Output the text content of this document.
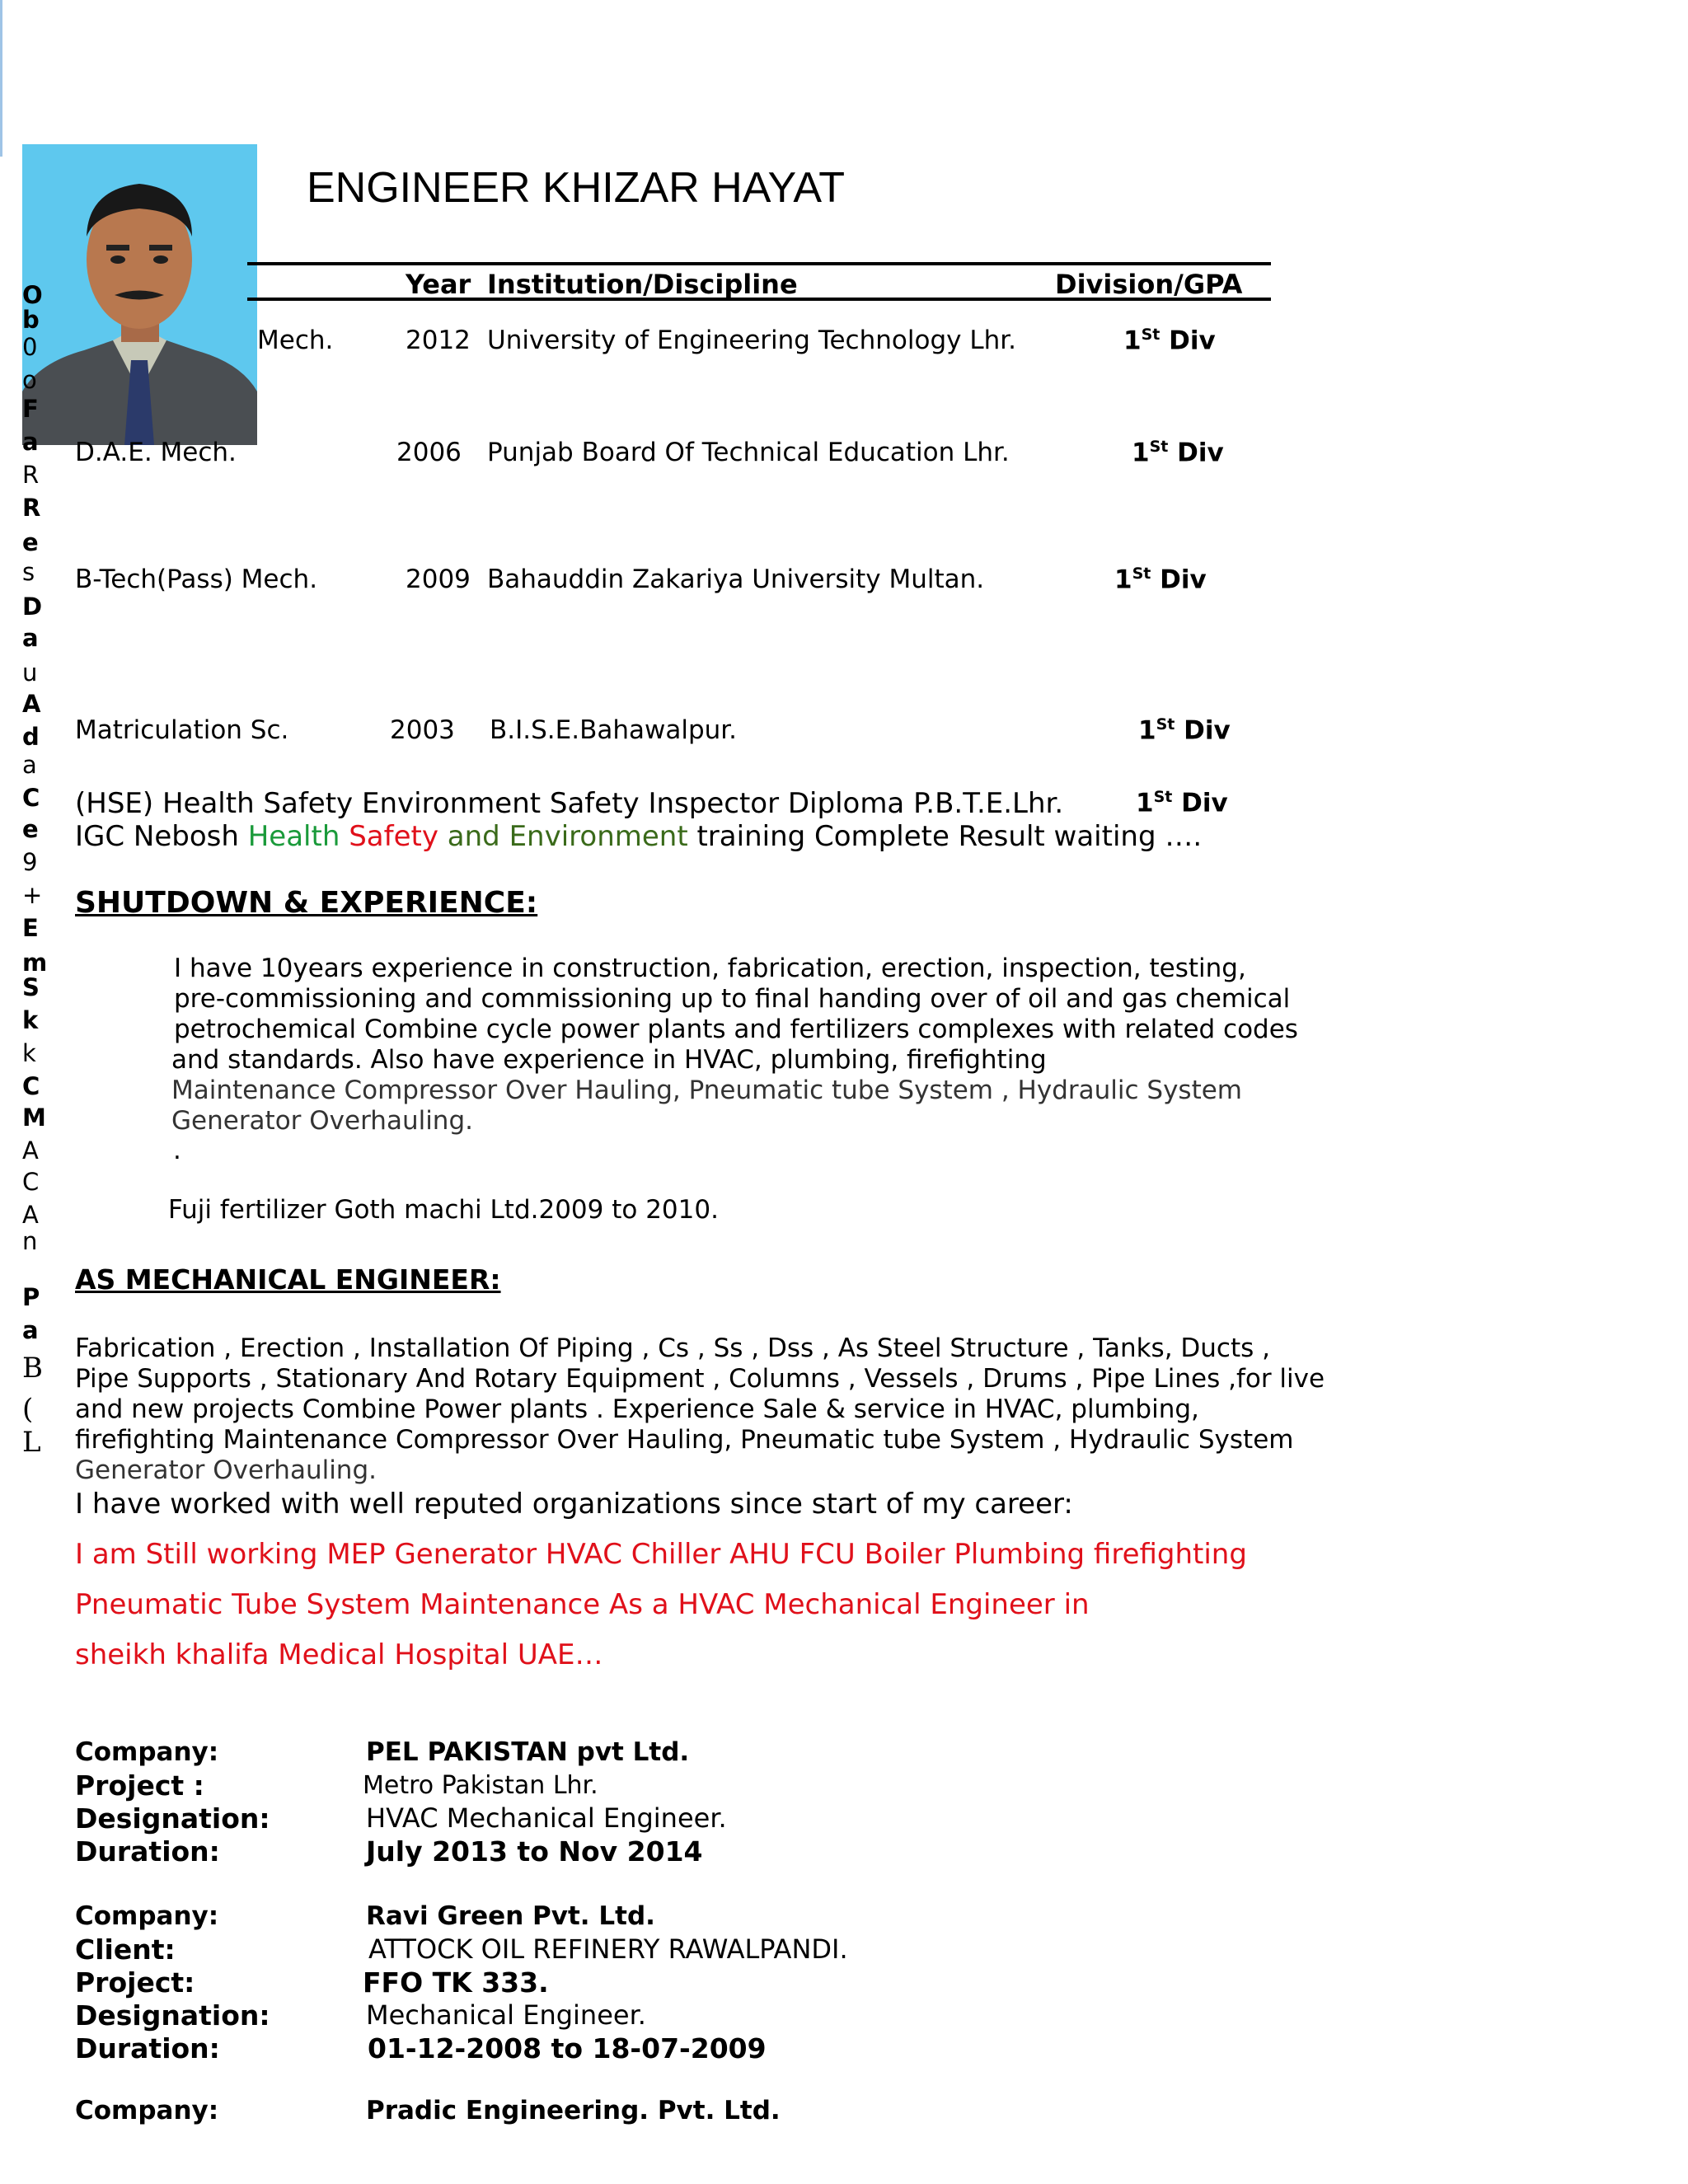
O
b
0
o
F
a
R
R
e
s
D
a
u
A
d
a
C
e
9
+
E
m
S
k
k
C
M
A
C
A
n
P
a
B
(
L
ENGINEER KHIZAR HAYAT
Year Institution/Discipline	Division/GPA
Mech.	2012 University of Engineering Technology Lhr.	1St Div
D.A.E. Mech.	2006 Punjab Board Of Technical Education Lhr.	1St Div
B-Tech(Pass) Mech.	2009 Bahauddin Zakariya University Multan.	1St Div
Matriculation Sc.	2003 B.I.S.E.Bahawalpur.	1St Div
(HSE) Health Safety Environment Safety Inspector Diploma P.B.T.E.Lhr.	1St Div
IGC Nebosh Health Safety and Environment training Complete Result waiting ….
SHUTDOWN & EXPERIENCE:
I have 10years experience in construction, fabrication, erection, inspection, testing,
pre-commissioning and commissioning up to final handing over of oil and gas chemical
petrochemical Combine cycle power plants and fertilizers complexes with related codes
and standards. Also have experience in HVAC, plumbing, firefighting
Maintenance Compressor Over Hauling, Pneumatic tube System , Hydraulic System
Generator Overhauling.
.
Fuji fertilizer Goth machi Ltd.2009 to 2010.
AS MECHANICAL ENGINEER:
Fabrication , Erection , Installation Of Piping , Cs , Ss , Dss , As Steel Structure , Tanks, Ducts ,
Pipe Supports , Stationary And Rotary Equipment , Columns , Vessels , Drums , Pipe Lines ,for live
and new projects Combine Power plants . Experience Sale & service in HVAC, plumbing,
firefighting Maintenance Compressor Over Hauling, Pneumatic tube System , Hydraulic System
Generator Overhauling.
I have worked with well reputed organizations since start of my career:
I am Still working MEP Generator HVAC Chiller AHU FCU Boiler Plumbing firefighting
Pneumatic Tube System Maintenance As a HVAC Mechanical Engineer in
sheikh khalifa Medical Hospital UAE…
Company:	PEL PAKISTAN pvt Ltd.
Project :	Metro Pakistan Lhr.
Designation:	HVAC Mechanical Engineer.
Duration:	July 2013 to Nov 2014
Company:	Ravi Green Pvt. Ltd.
Client:	ATTOCK OIL REFINERY RAWALPANDI.
Project:	FFO TK 333.
Designation:	Mechanical Engineer.
Duration:	01-12-2008 to 18-07-2009
Company:	Pradic Engineering. Pvt. Ltd.
